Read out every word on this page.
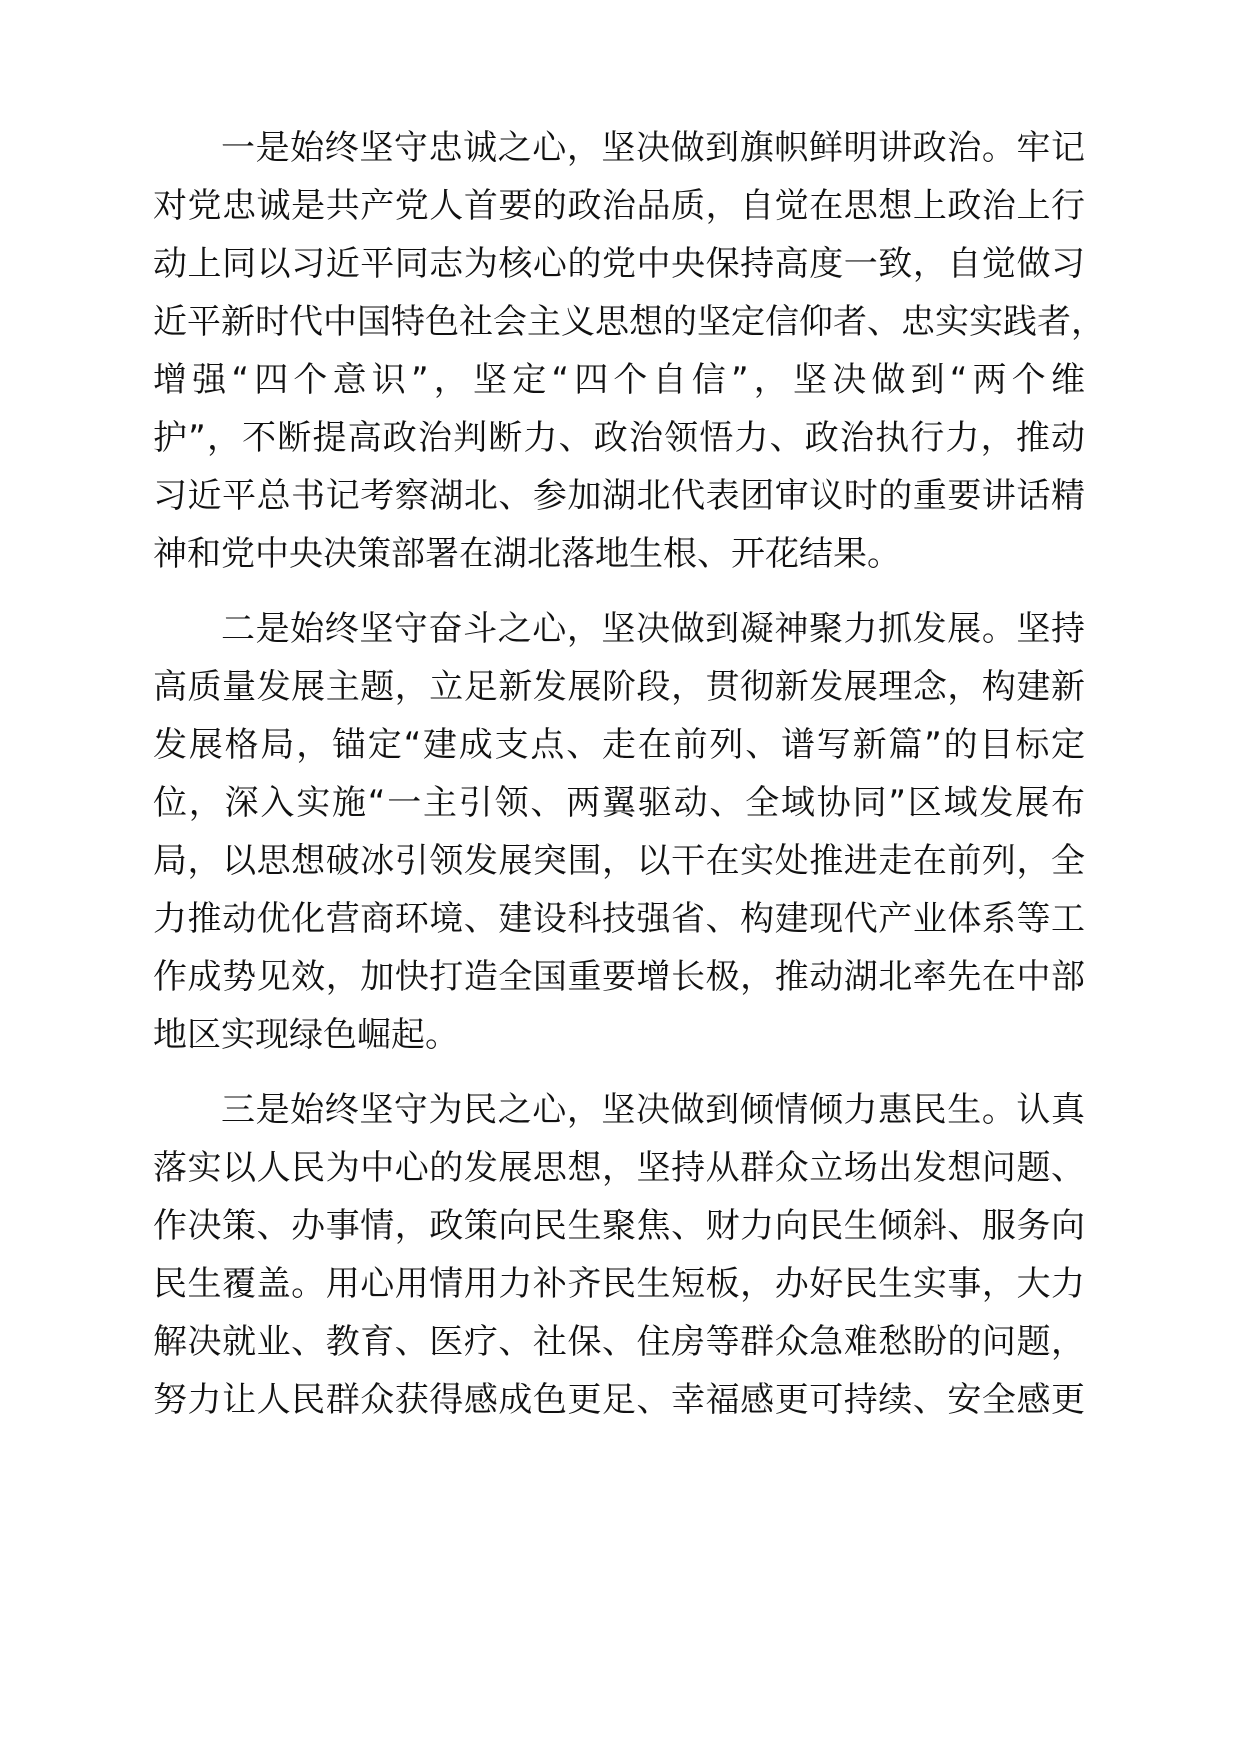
一是始终坚守忠诚之心，坚决做到旗帜鲜明讲政治。牢记
对党忠诚是共产党人首要的政治品质，自觉在思想上政治上行
动上同以习近平同志为核心的党中央保持高度一致，自觉做习
近平新时代中国特色社会主义思想的坚定信仰者、忠实实践者，
增强“四个意识”，坚定“四个自信”，坚决做到“两个维
护”，不断提高政治判断力、政治领悟力、政治执行力，推动
习近平总书记考察湖北、参加湖北代表团审议时的重要讲话精
神和党中央决策部署在湖北落地生根、开花结果。
二是始终坚守奋斗之心，坚决做到凝神聚力抓发展。坚持
高质量发展主题，立足新发展阶段，贯彻新发展理念，构建新
发展格局，锚定“建成支点、走在前列、谱写新篇”的目标定
位，深入实施“一主引领、两翼驱动、全域协同”区域发展布
局，以思想破冰引领发展突围，以干在实处推进走在前列，全
力推动优化营商环境、建设科技强省、构建现代产业体系等工
作成势见效，加快打造全国重要增长极，推动湖北率先在中部
地区实现绿色崛起。
三是始终坚守为民之心，坚决做到倾情倾力惠民生。认真
落实以人民为中心的发展思想，坚持从群众立场出发想问题、
作决策、办事情，政策向民生聚焦、财力向民生倾斜、服务向
民生覆盖。用心用情用力补齐民生短板，办好民生实事，大力
解决就业、教育、医疗、社保、住房等群众急难愁盼的问题，
努力让人民群众获得感成色更足、幸福感更可持续、安全感更
